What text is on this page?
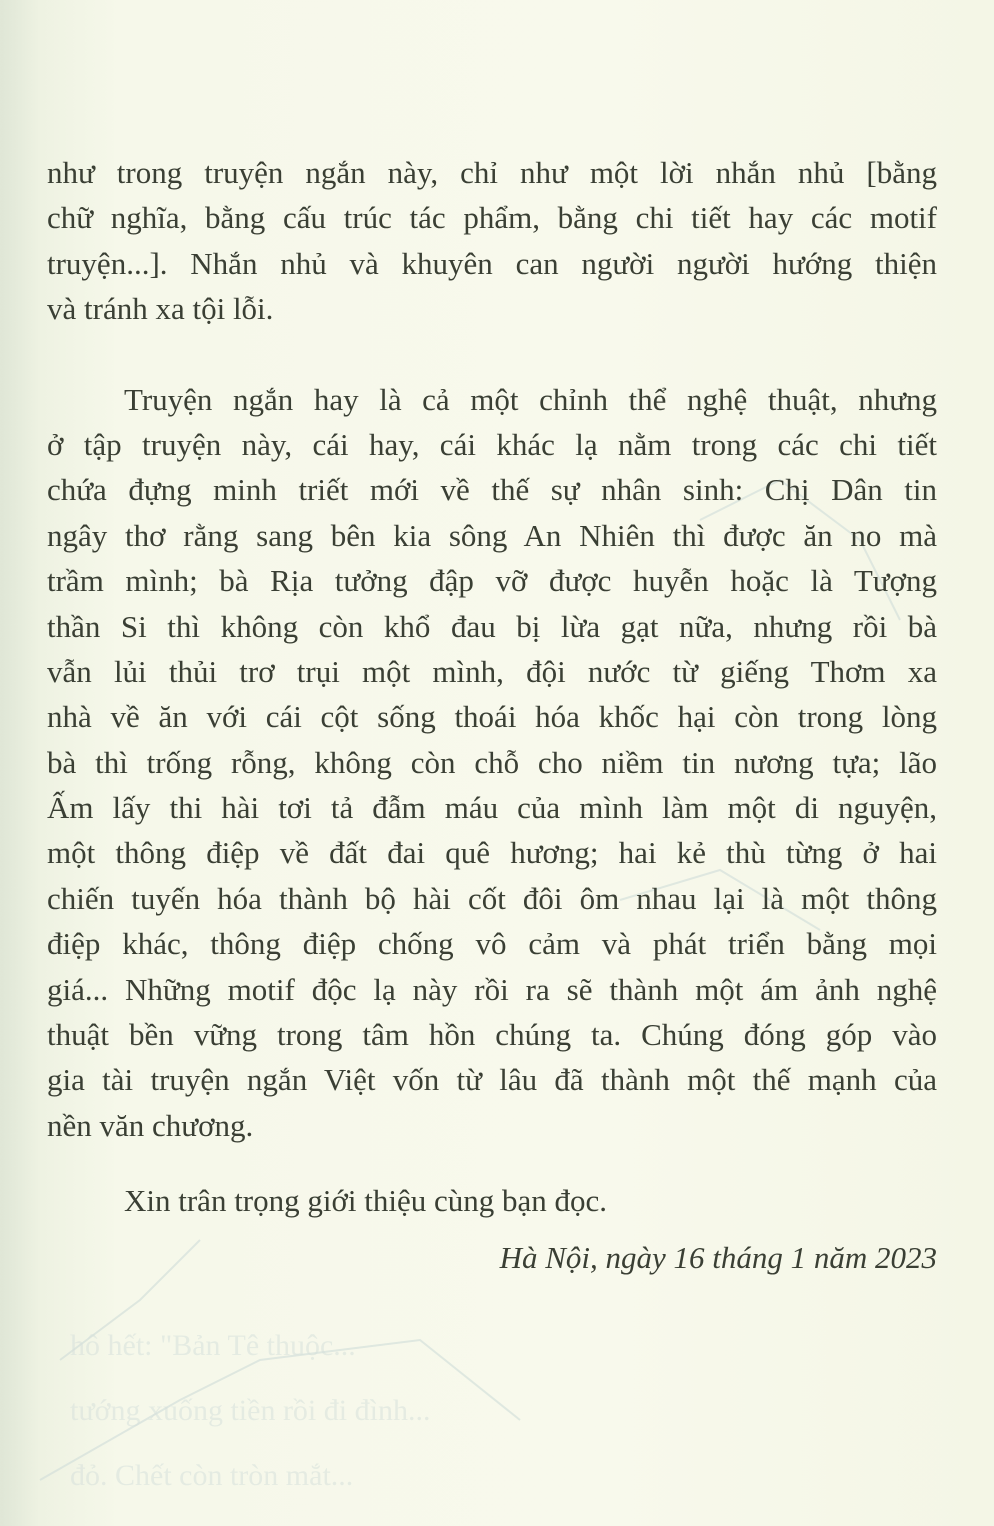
hô hết: "Bản Tê thuộc...
tướng xuống tiền rồi đi đình...
đỏ. Chết còn tròn mắt...
như trong truyện ngắn này, chỉ như một lời nhắn nhủ [bằng
chữ nghĩa, bằng cấu trúc tác phẩm, bằng chi tiết hay các motif
truyện...]. Nhắn nhủ và khuyên can người người hướng thiện
và tránh xa tội lỗi.
Truyện ngắn hay là cả một chỉnh thể nghệ thuật, nhưng
ở tập truyện này, cái hay, cái khác lạ nằm trong các chi tiết
chứa đựng minh triết mới về thế sự nhân sinh: Chị Dân tin
ngây thơ rằng sang bên kia sông An Nhiên thì được ăn no mà
trầm mình; bà Rịa tưởng đập vỡ được huyễn hoặc là Tượng
thần Si thì không còn khổ đau bị lừa gạt nữa, nhưng rồi bà
vẫn lủi thủi trơ trụi một mình, đội nước từ giếng Thơm xa
nhà về ăn với cái cột sống thoái hóa khốc hại còn trong lòng
bà thì trống rỗng, không còn chỗ cho niềm tin nương tựa; lão
Ấm lấy thi hài tơi tả đẫm máu của mình làm một di nguyện,
một thông điệp về đất đai quê hương; hai kẻ thù từng ở hai
chiến tuyến hóa thành bộ hài cốt đôi ôm nhau lại là một thông
điệp khác, thông điệp chống vô cảm và phát triển bằng mọi
giá... Những motif độc lạ này rồi ra sẽ thành một ám ảnh nghệ
thuật bền vững trong tâm hồn chúng ta. Chúng đóng góp vào
gia tài truyện ngắn Việt vốn từ lâu đã thành một thế mạnh của
nền văn chương.
Xin trân trọng giới thiệu cùng bạn đọc.
Hà Nội, ngày 16 tháng 1 năm 2023
